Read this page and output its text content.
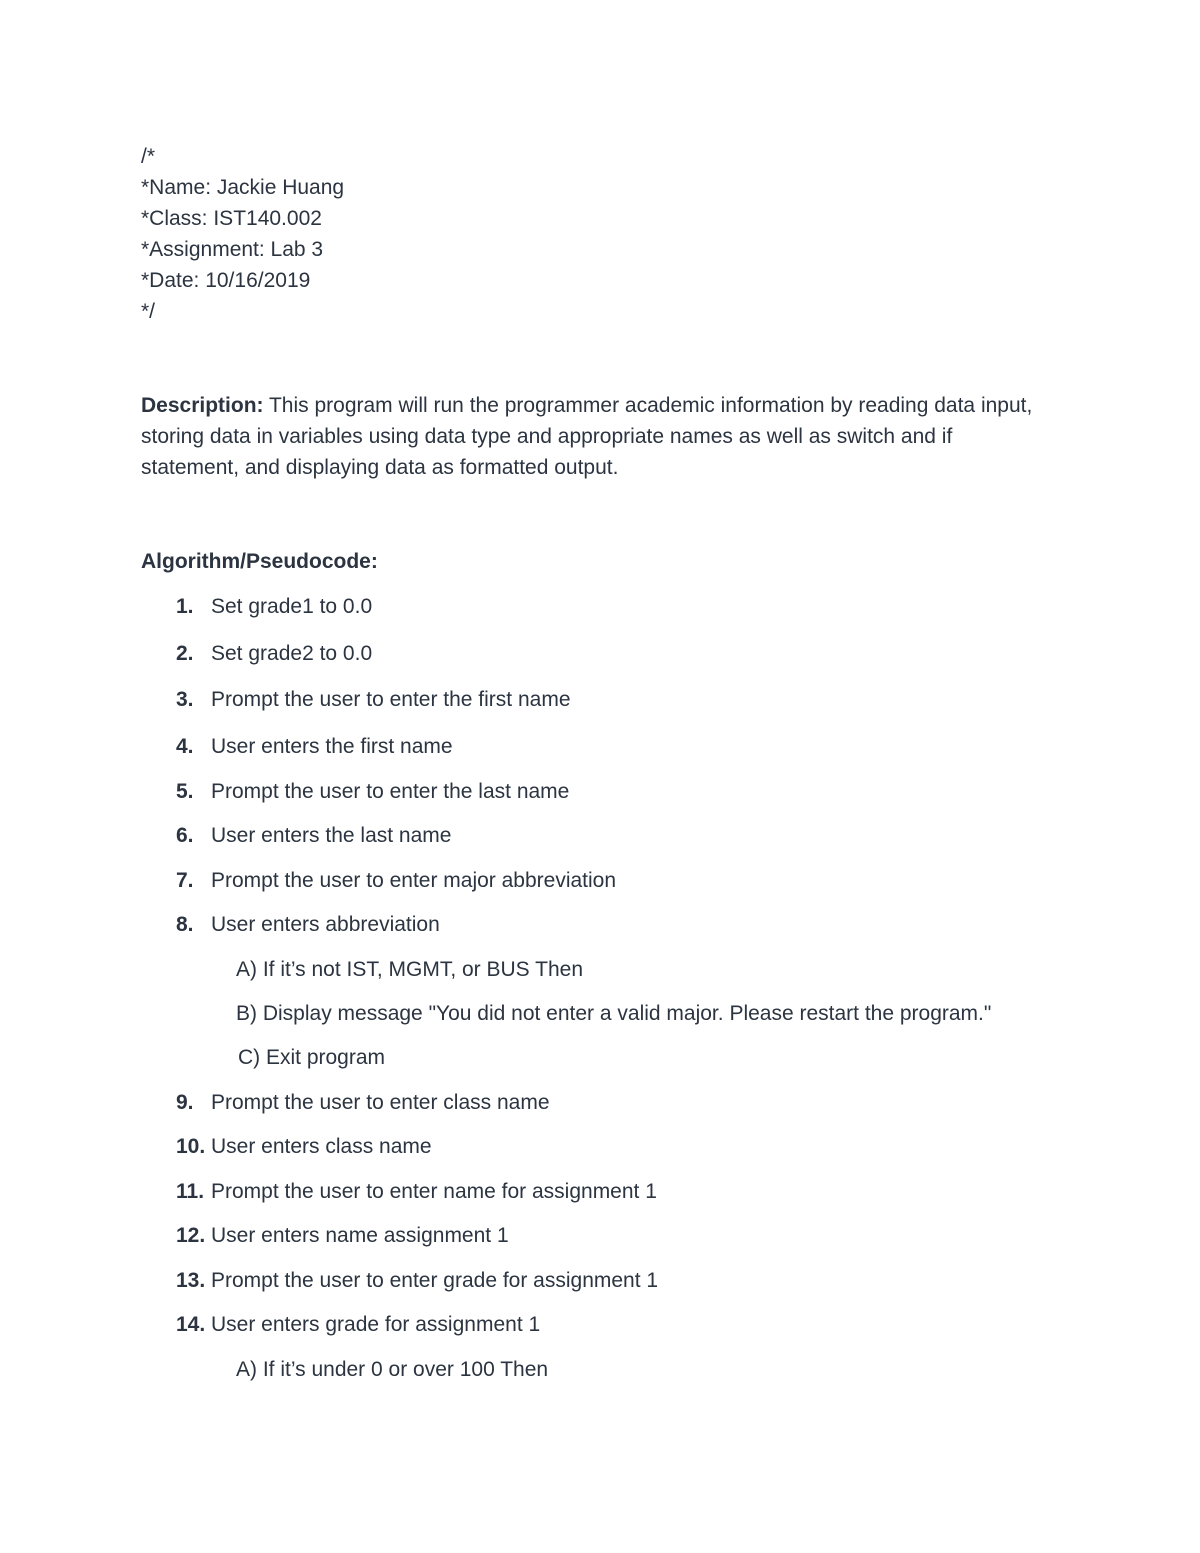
/*
*Name: Jackie Huang
*Class: IST140.002
*Assignment: Lab 3
*Date: 10/16/2019
*/
Description: This program will run the programmer academic information by reading data input,
storing data in variables using data type and appropriate names as well as switch and if
statement, and displaying data as formatted output.
Algorithm/Pseudocode:
1. Set grade1 to 0.0
2. Set grade2 to 0.0
3. Prompt the user to enter the first name
4. User enters the first name
5. Prompt the user to enter the last name
6. User enters the last name
7. Prompt the user to enter major abbreviation
8. User enters abbreviation
A) If it’s not IST, MGMT, or BUS Then
B) Display message "You did not enter a valid major. Please restart the program."
C) Exit program
9. Prompt the user to enter class name
10. User enters class name
11. Prompt the user to enter name for assignment 1
12. User enters name assignment 1
13. Prompt the user to enter grade for assignment 1
14. User enters grade for assignment 1
A) If it’s under 0 or over 100 Then
